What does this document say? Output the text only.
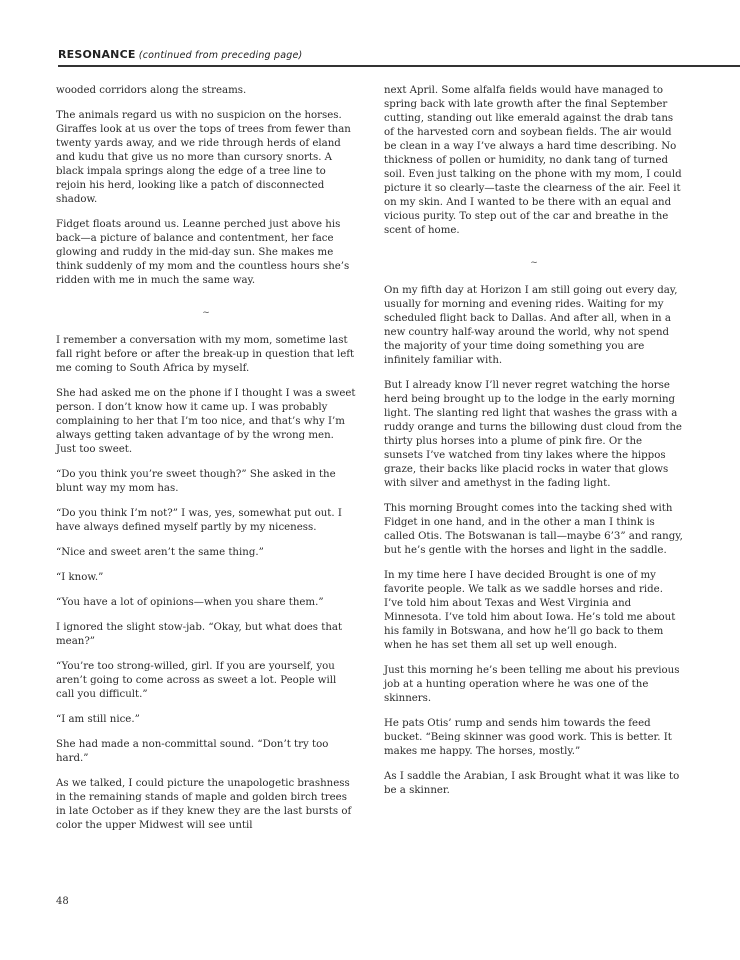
RESONANCE (continued from preceding page)

wooded corridors along the streams.

The animals regard us with no suspicion on the horses. Giraffes look at us over the tops of trees from fewer than twenty yards away, and we ride through herds of eland and kudu that give us no more than cursory snorts. A black impala springs along the edge of a tree line to rejoin his herd, looking like a patch of disconnected shadow.

Fidget floats around us. Leanne perched just above his back—a picture of balance and contentment, her face glowing and ruddy in the mid-day sun. She makes me think suddenly of my mom and the countless hours she’s ridden with me in much the same way.

~

I remember a conversation with my mom, sometime last fall right before or after the break-up in question that left me coming to South Africa by myself.

She had asked me on the phone if I thought I was a sweet person. I don’t know how it came up. I was probably complaining to her that I’m too nice, and that’s why I’m always getting taken advantage of by the wrong men. Just too sweet.

“Do you think you’re sweet though?” She asked in the blunt way my mom has.

“Do you think I’m not?” I was, yes, somewhat put out. I have always defined myself partly by my niceness.

“Nice and sweet aren’t the same thing.”

“I know.”

“You have a lot of opinions—when you share them.”

I ignored the slight stow-jab. “Okay, but what does that mean?”

“You’re too strong-willed, girl. If you are yourself, you aren’t going to come across as sweet a lot. People will call you difficult.”

“I am still nice.”

She had made a non-committal sound. “Don’t try too hard.”

As we talked, I could picture the unapologetic brashness in the remaining stands of maple and golden birch trees in late October as if they knew they are the last bursts of color the upper Midwest will see until

next April. Some alfalfa fields would have managed to spring back with late growth after the final September cutting, standing out like emerald against the drab tans of the harvested corn and soybean fields. The air would be clean in a way I’ve always a hard time describing. No thickness of pollen or humidity, no dank tang of turned soil. Even just talking on the phone with my mom, I could picture it so clearly—taste the clearness of the air. Feel it on my skin. And I wanted to be there with an equal and vicious purity. To step out of the car and breathe in the scent of home.

~

On my fifth day at Horizon I am still going out every day, usually for morning and evening rides. Waiting for my scheduled flight back to Dallas. And after all, when in a new country half-way around the world, why not spend the majority of your time doing something you are infinitely familiar with.

But I already know I’ll never regret watching the horse herd being brought up to the lodge in the early morning light. The slanting red light that washes the grass with a ruddy orange and turns the billowing dust cloud from the thirty plus horses into a plume of pink fire. Or the sunsets I’ve watched from tiny lakes where the hippos graze, their backs like placid rocks in water that glows with silver and amethyst in the fading light.

This morning Brought comes into the tacking shed with Fidget in one hand, and in the other a man I think is called Otis. The Botswanan is tall—maybe 6’3” and rangy, but he’s gentle with the horses and light in the saddle.

In my time here I have decided Brought is one of my favorite people. We talk as we saddle horses and ride. I’ve told him about Texas and West Virginia and Minnesota. I’ve told him about Iowa. He’s told me about his family in Botswana, and how he’ll go back to them when he has set them all set up well enough.

Just this morning he’s been telling me about his previous job at a hunting operation where he was one of the skinners.

He pats Otis’ rump and sends him towards the feed bucket. “Being skinner was good work. This is better. It makes me happy. The horses, mostly.”

As I saddle the Arabian, I ask Brought what it was like to be a skinner.

48
